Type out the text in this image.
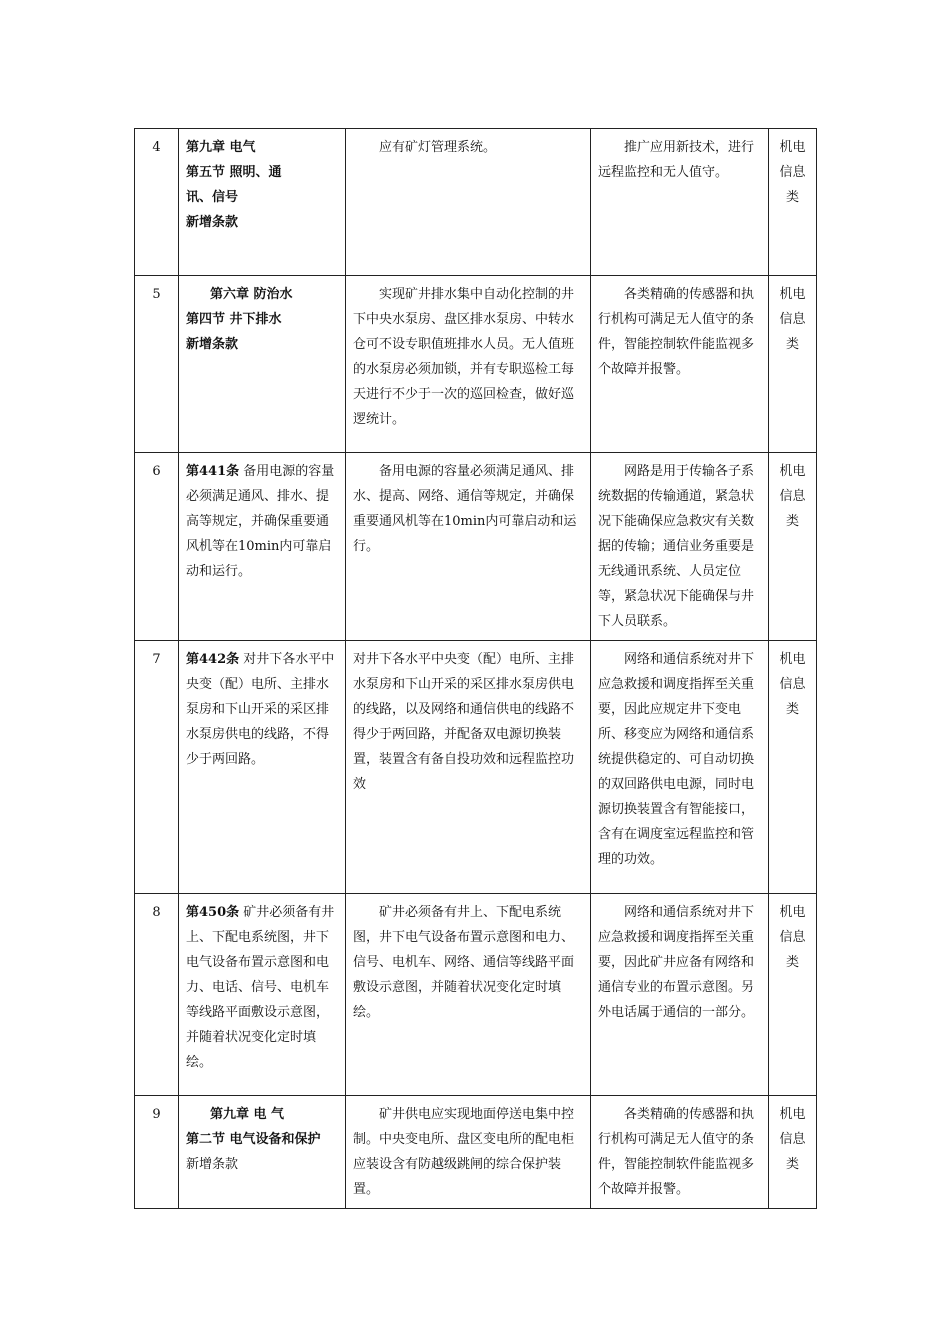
4	第九章 电气

第五节 照明、通

讯、信号

新增条款	应有矿灯管理系统。	推广应用新技术，进行远程监控和无人值守。	机电信息类

5	第六章 防治水

第四节 井下排水

新增条款	实现矿井排水集中自动化控制的井下中央水泵房、盘区排水泵房、中转水仓可不设专职值班排水人员。无人值班的水泵房必须加锁，并有专职巡检工每天进行不少于一次的巡回检查，做好巡逻统计。	各类精确的传感器和执行机构可满足无人值守的条件，智能控制软件能监视多个故障并报警。	机电信息类

6	第441条 备用电源的容量必须满足通风、排水、提高等规定，并确保重要通风机等在10min内可靠启动和运行。	备用电源的容量必须满足通风、排水、提高、网络、通信等规定，并确保重要通风机等在10min内可靠启动和运行。	网路是用于传输各子系统数据的传输通道，紧急状况下能确保应急救灾有关数据的传输；通信业务重要是无线通讯系统、人员定位等，紧急状况下能确保与井下人员联系。	机电信息类

7	第442条 对井下各水平中央变（配）电所、主排水泵房和下山开采的采区排水泵房供电的线路，不得少于两回路。	对井下各水平中央变（配）电所、主排水泵房和下山开采的采区排水泵房供电的线路，以及网络和通信供电的线路不得少于两回路，并配备双电源切换装置，装置含有备自投功效和远程监控功效	网络和通信系统对井下应急救援和调度指挥至关重要，因此应规定井下变电所、移变应为网络和通信系统提供稳定的、可自动切换的双回路供电电源，同时电源切换装置含有智能接口，含有在调度室远程监控和管理的功效。	机电信息类

8	第450条 矿井必须备有井上、下配电系统图，井下电气设备布置示意图和电力、电话、信号、电机车等线路平面敷设示意图，并随着状况变化定时填绘。	矿井必须备有井上、下配电系统图，井下电气设备布置示意图和电力、信号、电机车、网络、通信等线路平面敷设示意图，并随着状况变化定时填绘。	网络和通信系统对井下应急救援和调度指挥至关重要，因此矿井应备有网络和通信专业的布置示意图。另外电话属于通信的一部分。	机电信息类

9	第九章 电 气

第二节 电气设备和保护

新增条款	矿井供电应实现地面停送电集中控制。中央变电所、盘区变电所的配电柜应装设含有防越级跳闸的综合保护装置。	各类精确的传感器和执行机构可满足无人值守的条件，智能控制软件能监视多个故障并报警。	机电信息类
